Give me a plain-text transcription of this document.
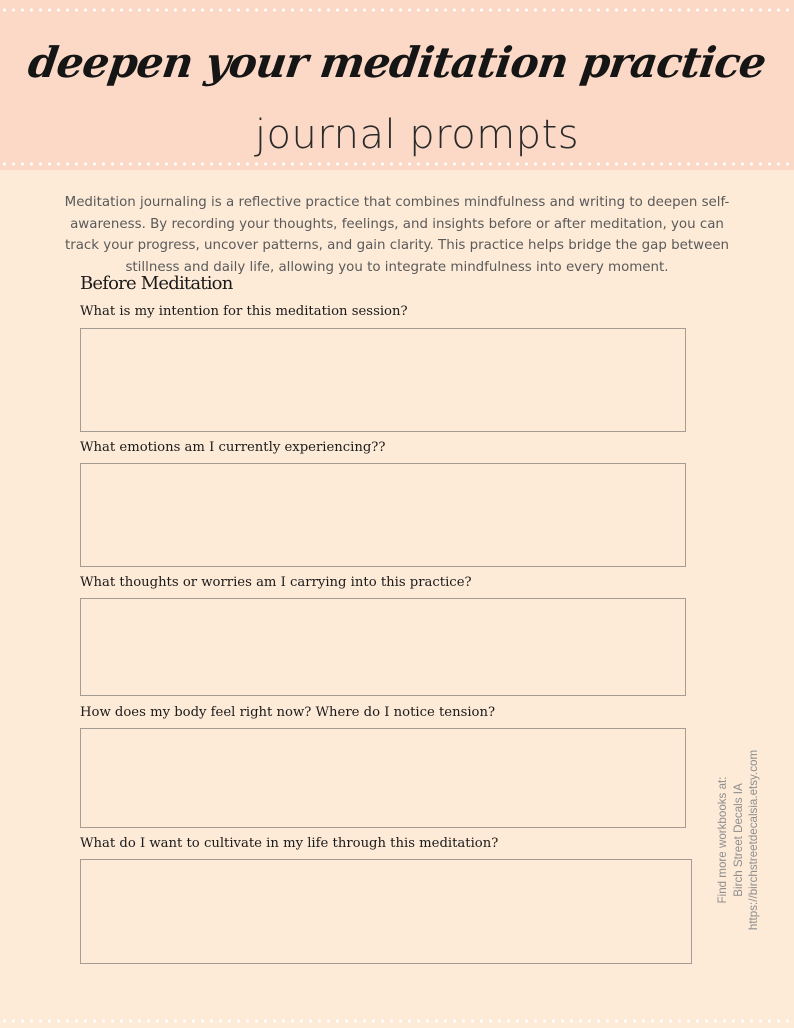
deepen your meditation practice
journal prompts
Meditation journaling is a reflective practice that combines mindfulness and writing to deepen self-awareness. By recording your thoughts, feelings, and insights before or after meditation, you can track your progress, uncover patterns, and gain clarity. This practice helps bridge the gap between stillness and daily life, allowing you to integrate mindfulness into every moment.
Before Meditation
What is my intention for this meditation session?
What emotions am I currently experiencing??
What thoughts or worries am I carrying into this practice?
How does my body feel right now? Where do I notice tension?
What do I want to cultivate in my life through this meditation?	Find more workbooks at: Birch Street Decals IA https://birchstreetdecalsia.etsy.com
